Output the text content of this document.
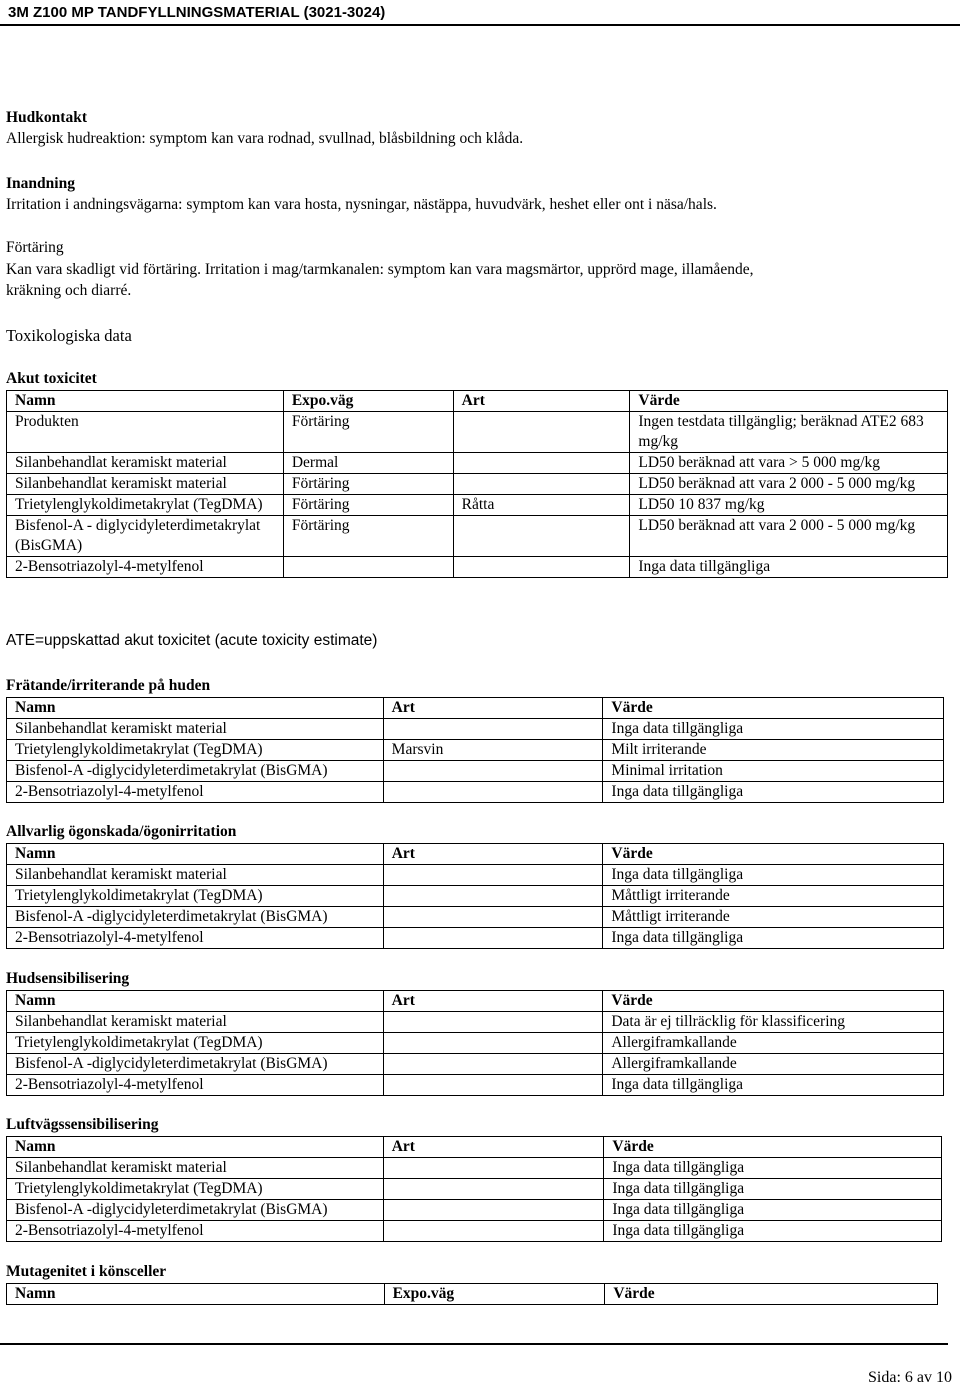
3M Z100 MP TANDFYLLNINGSMATERIAL (3021-3024)
Hudkontakt
Allergisk hudreaktion: symptom kan vara rodnad, svullnad, blåsbildning och klåda.
Inandning
Irritation i andningsvägarna: symptom kan vara hosta, nysningar, nästäppa, huvudvärk, heshet eller ont i näsa/hals.
Förtäring
Kan vara skadligt vid förtäring. Irritation i mag/tarmkanalen: symptom kan vara magsmärtor, upprörd mage, illamående,
kräkning och diarré.
Toxikologiska data
Akut toxicitet
Namn	Expo.väg	Art	Värde
Produkten	Förtäring		Ingen testdata tillgänglig; beräknad ATE2 683 mg/kg
Silanbehandlat keramiskt material	Dermal		LD50 beräknad att vara > 5 000 mg/kg
Silanbehandlat keramiskt material	Förtäring		LD50 beräknad att vara 2 000 - 5 000 mg/kg
Trietylenglykoldimetakrylat (TegDMA)	Förtäring	Råtta	LD50 10 837 mg/kg
Bisfenol-A - diglycidyleterdimetakrylat (BisGMA)	Förtäring		LD50 beräknad att vara 2 000 - 5 000 mg/kg
2-Bensotriazolyl-4-metylfenol			Inga data tillgängliga
ATE=uppskattad akut toxicitet (acute toxicity estimate)
Frätande/irriterande på huden
Namn	Art	Värde
Silanbehandlat keramiskt material		Inga data tillgängliga
Trietylenglykoldimetakrylat (TegDMA)	Marsvin	Milt irriterande
Bisfenol-A -diglycidyleterdimetakrylat (BisGMA)		Minimal irritation
2-Bensotriazolyl-4-metylfenol		Inga data tillgängliga
Allvarlig ögonskada/ögonirritation
Namn	Art	Värde
Silanbehandlat keramiskt material		Inga data tillgängliga
Trietylenglykoldimetakrylat (TegDMA)		Måttligt irriterande
Bisfenol-A -diglycidyleterdimetakrylat (BisGMA)		Måttligt irriterande
2-Bensotriazolyl-4-metylfenol		Inga data tillgängliga
Hudsensibilisering
Namn	Art	Värde
Silanbehandlat keramiskt material		Data är ej tillräcklig för klassificering
Trietylenglykoldimetakrylat (TegDMA)		Allergiframkallande
Bisfenol-A -diglycidyleterdimetakrylat (BisGMA)		Allergiframkallande
2-Bensotriazolyl-4-metylfenol		Inga data tillgängliga
Luftvägssensibilisering
Namn	Art	Värde
Silanbehandlat keramiskt material		Inga data tillgängliga
Trietylenglykoldimetakrylat (TegDMA)		Inga data tillgängliga
Bisfenol-A -diglycidyleterdimetakrylat (BisGMA)		Inga data tillgängliga
2-Bensotriazolyl-4-metylfenol		Inga data tillgängliga
Mutagenitet i könsceller
Namn	Expo.väg	Värde
Sida: 6 av 10
